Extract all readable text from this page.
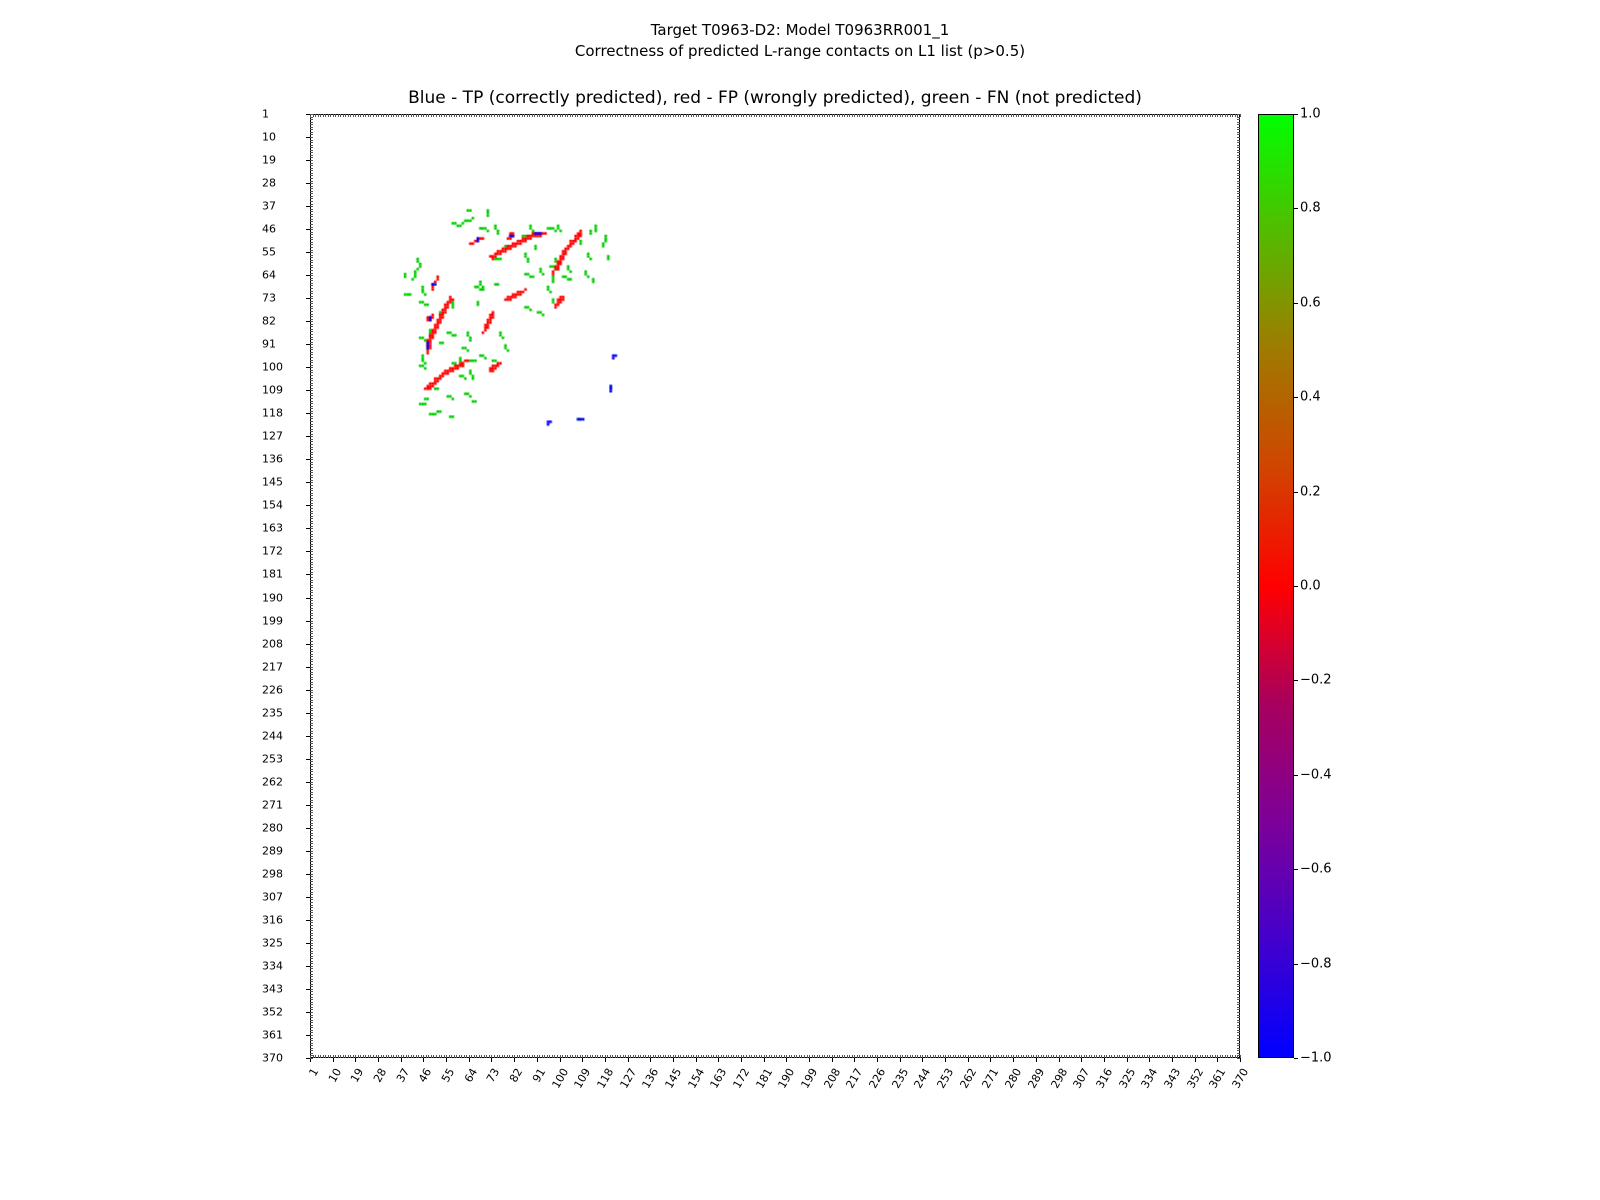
Target T0963-D2: Model T0963RR001_1
Correctness of predicted L-range contacts on L1 list (p>0.5)
Blue - TP (correctly predicted), red - FP (wrongly predicted), green - FN (not predicted)
1
10
19
28
37
46
55
64
73
82
91
100
109
118
127
136
145
154
163
172
181
190
199
208
217
226
235
244
253
262
271
280
289
298
307
316
325
334
343
352
361
370
1 10 19 28 37 46 55 64 73 82 91 100 109 118 127 136 145 154 163 172 181 190 199 208 217 226 235 244 253 262 271 280 289 298 307 316 325 334 343 352 361 370
1.0
0.8
0.6
0.4
0.2
0.0
−0.2
−0.4
−0.6
−0.8
−1.0
